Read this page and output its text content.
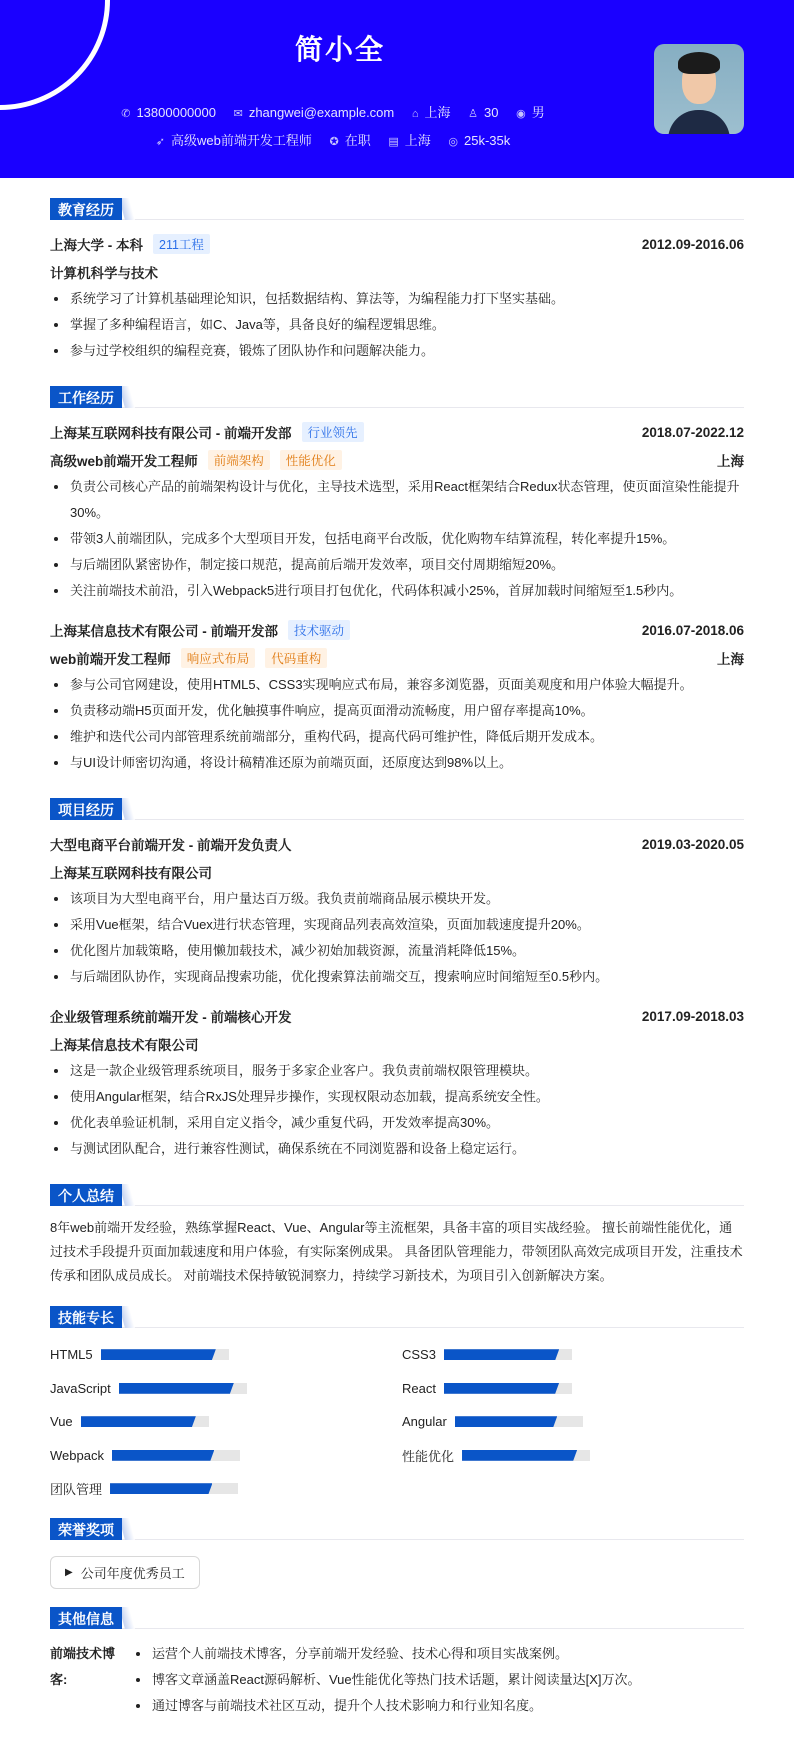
简小全
✆ 13800000000 ✉ zhangwei@example.com ⌂ 上海 ♙ 30 ◉ 男
➶ 高级web前端开发工程师 ✪ 在职 ▤ 上海 ◎ 25k-35k
教育经历
上海大学 - 本科	211工程	2012.09-2016.06
计算机科学与技术
系统学习了计算机基础理论知识，包括数据结构、算法等，为编程能力打下坚实基础。
掌握了多种编程语言，如C、Java等，具备良好的编程逻辑思维。
参与过学校组织的编程竞赛，锻炼了团队协作和问题解决能力。
工作经历
上海某互联网科技有限公司 - 前端开发部	行业领先	2018.07-2022.12
高级web前端开发工程师	前端架构	性能优化	上海
负责公司核心产品的前端架构设计与优化，主导技术选型，采用React框架结合Redux状态管理，使页面渲染性能提升30%。
带领3人前端团队，完成多个大型项目开发，包括电商平台改版，优化购物车结算流程，转化率提升15%。
与后端团队紧密协作，制定接口规范，提高前后端开发效率，项目交付周期缩短20%。
关注前端技术前沿，引入Webpack5进行项目打包优化，代码体积减小25%，首屏加载时间缩短至1.5秒内。
上海某信息技术有限公司 - 前端开发部	技术驱动	2016.07-2018.06
web前端开发工程师	响应式布局	代码重构	上海
参与公司官网建设，使用HTML5、CSS3实现响应式布局，兼容多浏览器，页面美观度和用户体验大幅提升。
负责移动端H5页面开发，优化触摸事件响应，提高页面滑动流畅度，用户留存率提高10%。
维护和迭代公司内部管理系统前端部分，重构代码，提高代码可维护性，降低后期开发成本。
与UI设计师密切沟通，将设计稿精准还原为前端页面，还原度达到98%以上。
项目经历
大型电商平台前端开发 - 前端开发负责人	2019.03-2020.05
上海某互联网科技有限公司
该项目为大型电商平台，用户量达百万级。我负责前端商品展示模块开发。
采用Vue框架，结合Vuex进行状态管理，实现商品列表高效渲染，页面加载速度提升20%。
优化图片加载策略，使用懒加载技术，减少初始加载资源，流量消耗降低15%。
与后端团队协作，实现商品搜索功能，优化搜索算法前端交互，搜索响应时间缩短至0.5秒内。
企业级管理系统前端开发 - 前端核心开发	2017.09-2018.03
上海某信息技术有限公司
这是一款企业级管理系统项目，服务于多家企业客户。我负责前端权限管理模块。
使用Angular框架，结合RxJS处理异步操作，实现权限动态加载，提高系统安全性。
优化表单验证机制，采用自定义指令，减少重复代码，开发效率提高30%。
与测试团队配合，进行兼容性测试，确保系统在不同浏览器和设备上稳定运行。
个人总结
8年web前端开发经验，熟练掌握React、Vue、Angular等主流框架，具备丰富的项目实战经验。 擅长前端性能优化，通过技术手段提升页面加载速度和用户体验，有实际案例成果。 具备团队管理能力，带领团队高效完成项目开发，注重技术传承和团队成员成长。 对前端技术保持敏锐洞察力，持续学习新技术，为项目引入创新解决方案。
技能专长
HTML5	CSS3
JavaScript	React
Vue	Angular
Webpack	性能优化
团队管理
荣誉奖项
▶ 公司年度优秀员工
其他信息
前端技术博客:
运营个人前端技术博客，分享前端开发经验、技术心得和项目实战案例。
博客文章涵盖React源码解析、Vue性能优化等热门技术话题，累计阅读量达[X]万次。
通过博客与前端技术社区互动，提升个人技术影响力和行业知名度。
